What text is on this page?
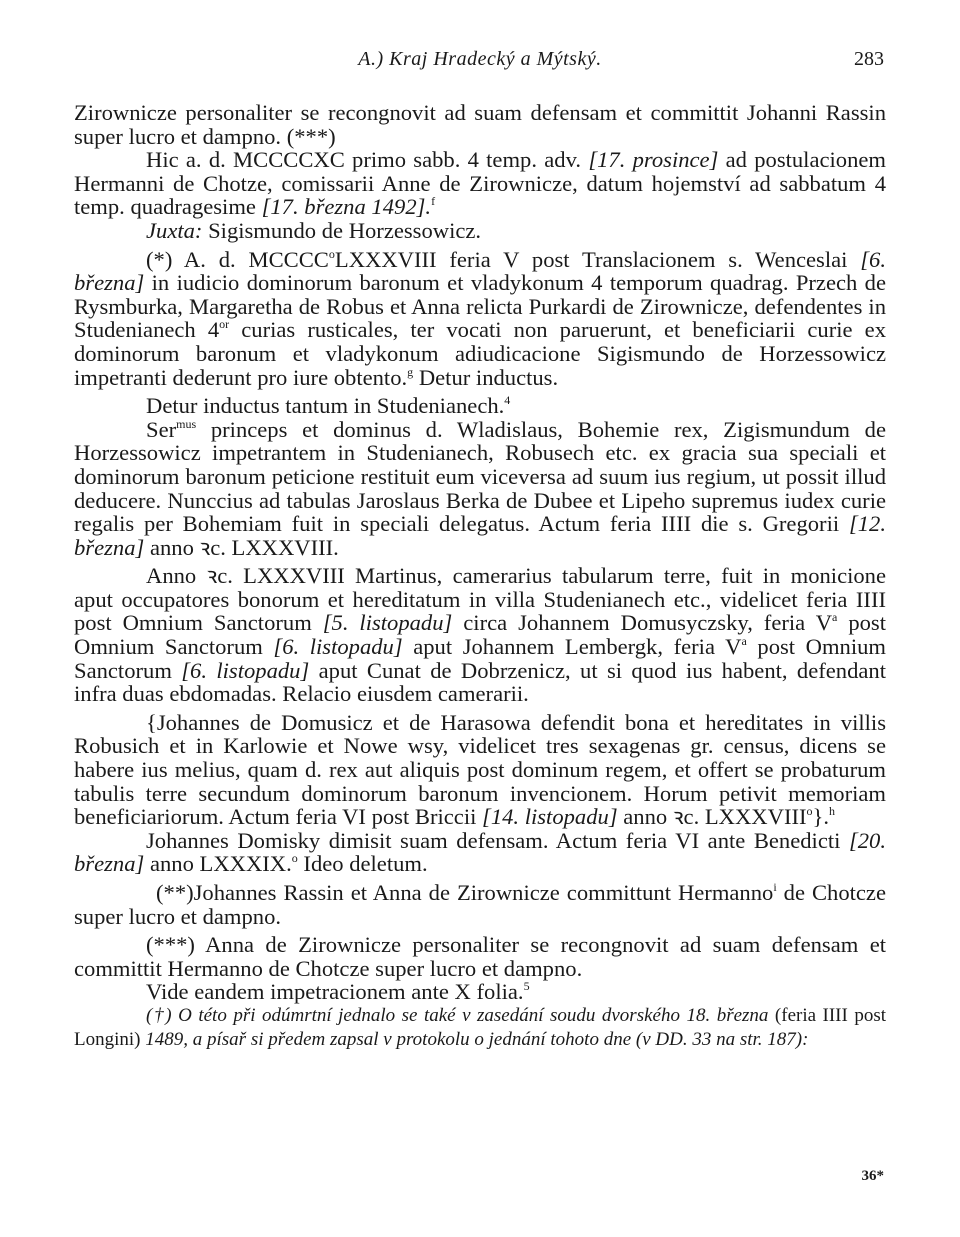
A.) Kraj Hradecký a Mýtský.	283

Zirownicze personaliter se recongnovit ad suam defensam et committit Johanni Rassin super lucro et dampno. (***)

Hic a. d. MCCCCXC primo sabb. 4 temp. adv. [17. prosince] ad postulacionem Hermanni de Chotze, comissarii Anne de Zirownicze, datum hojemství ad sabbatum 4 temp. quadragesime [17. března 1492].$^f$

Juxta: Sigismundo de Horzessowicz.

(*) A. d. MCCCC$^o$LXXXVIII feria V post Translacionem s. Wenceslai [6. března] in iudicio dominorum baronum et vladykonum 4 temporum quadrag. Przech de Rysmburka, Margaretha de Robus et Anna relicta Purkardi de Zirownicze, defendentes in Studenianech $4^{or}$ curias rusticales, ter vocati non paruerunt, et beneficiarii curie ex dominorum baronum et vladykonum adiudicacione Sigismundo de Horzessowicz impetranti dederunt pro iure obtento.$^g$ Detur inductus.

Detur inductus tantum in Studenianech.$^4$

Ser$^{mus}$ princeps et dominus d. Wladislaus, Bohemie rex, Zigismundum de Horzessowicz impetrantem in Studenianech, Robusech etc. ex gracia sua speciali et dominorum baronum peticione restituit eum viceversa ad suum ius regium, ut possit illud deducere. Nunccius ad tabulas Jaroslaus Berka de Dubee et Lipeho supremus iudex curie regalis per Bohemiam fuit in speciali delegatus. Actum feria IIII die s. Gregorii [12. března] anno ꝛc. LXXXVIII.

Anno ꝛc. LXXXVIII Martinus, camerarius tabularum terre, fuit in monicione aput occupatores bonorum et hereditatum in villa Studenianech etc., videlicet feria IIII post Omnium Sanctorum [5. listopadu] circa Johannem Domusyczsky, feria $V^a$ post Omnium Sanctorum [6. listopadu] aput Johannem Lembergk, feria $V^a$ post Omnium Sanctorum [6. listopadu] aput Cunat de Dobrzenicz, ut si quod ius habent, defendant infra duas ebdomadas. Relacio eiusdem camerarii.

{Johannes de Domusicz et de Harasowa defendit bona et hereditates in villis Robusich et in Karlowie et Nowe wsy, videlicet tres sexagenas gr. census, dicens se habere ius melius, quam d. rex aut aliquis post dominum regem, et offert se probaturum tabulis terre secundum dominorum baronum invencionem. Horum petivit memoriam beneficiariorum. Actum feria VI post Briccii [14. listopadu] anno ꝛc. LXXXVIII$^o$}.$^h$

Johannes Domisky dimisit suam defensam. Actum feria VI ante Benedicti [20. března] anno LXXXIX.$^o$ Ideo deletum.

(**)Johannes Rassin et Anna de Zirownicze committunt Hermanno$^i$ de Chotcze super lucro et dampno.

(***) Anna de Zirownicze personaliter se recongnovit ad suam defensam et committit Hermanno de Chotcze super lucro et dampno.

Vide eandem impetracionem ante X folia.$^5$

(†) O této při odúmrtní jednalo se také v zasedání soudu dvorského 18. března (feria IIII post Longini) 1489, a písař si předem zapsal v protokolu o jednání tohoto dne (v DD. 33 na str. 187):

36*
